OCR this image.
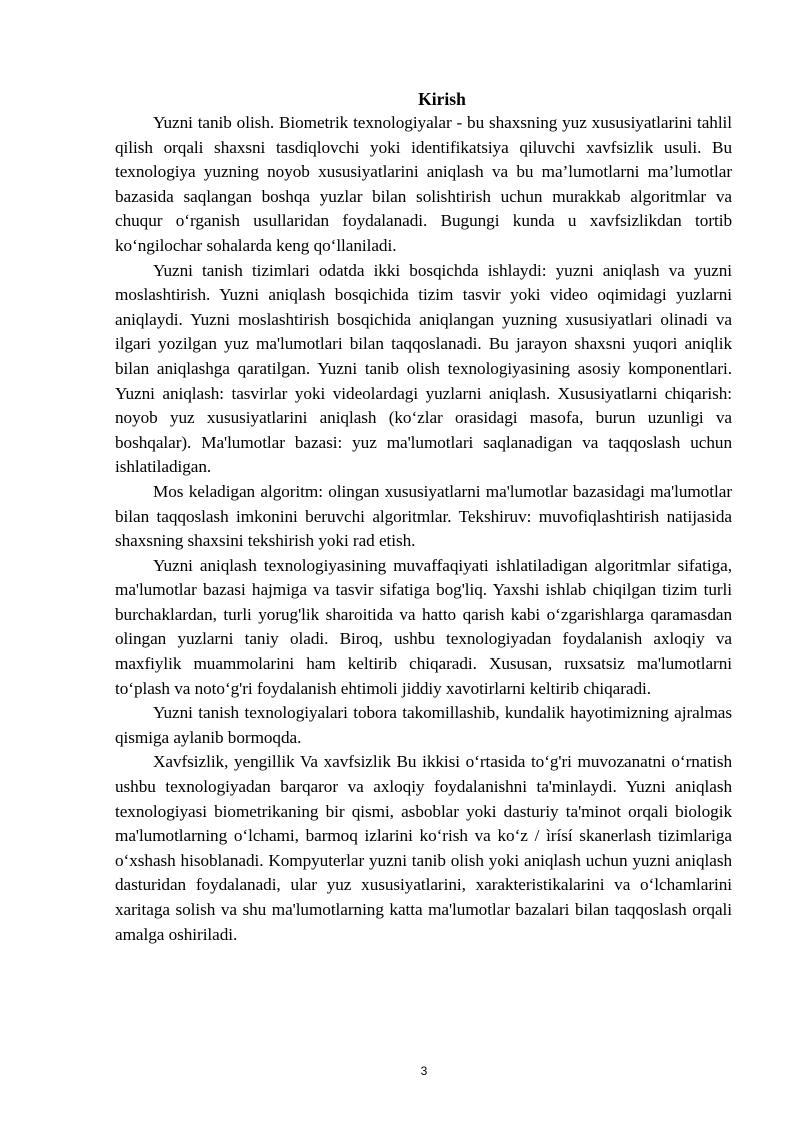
Kirish

Yuzni tanib olish. Biometrik texnologiyalar - bu shaxsning yuz xususiyatlarini tahlil qilish orqali shaxsni tasdiqlovchi yoki identifikatsiya qiluvchi xavfsizlik usuli. Bu texnologiya yuzning noyob xususiyatlarini aniqlash va bu ma’lumotlarni ma’lumotlar bazasida saqlangan boshqa yuzlar bilan solishtirish uchun murakkab algoritmlar va chuqur o‘rganish usullaridan foydalanadi. Bugungi kunda u xavfsizlikdan tortib ko‘ngilochar sohalarda keng qo‘llaniladi.

Yuzni tanish tizimlari odatda ikki bosqichda ishlaydi: yuzni aniqlash va yuzni moslashtirish. Yuzni aniqlash bosqichida tizim tasvir yoki video oqimidagi yuzlarni aniqlaydi. Yuzni moslashtirish bosqichida aniqlangan yuzning xususiyatlari olinadi va ilgari yozilgan yuz ma'lumotlari bilan taqqoslanadi. Bu jarayon shaxsni yuqori aniqlik bilan aniqlashga qaratilgan. Yuzni tanib olish texnologiyasining asosiy komponentlari. Yuzni aniqlash: tasvirlar yoki videolardagi yuzlarni aniqlash. Xususiyatlarni chiqarish: noyob yuz xususiyatlarini aniqlash (ko‘zlar orasidagi masofa, burun uzunligi va boshqalar). Ma'lumotlar bazasi: yuz ma'lumotlari saqlanadigan va taqqoslash uchun ishlatiladigan.

Mos keladigan algoritm: olingan xususiyatlarni ma'lumotlar bazasidagi ma'lumotlar bilan taqqoslash imkonini beruvchi algoritmlar. Tekshiruv: muvofiqlashtirish natijasida shaxsning shaxsini tekshirish yoki rad etish.

Yuzni aniqlash texnologiyasining muvaffaqiyati ishlatiladigan algoritmlar sifatiga, ma'lumotlar bazasi hajmiga va tasvir sifatiga bog'liq. Yaxshi ishlab chiqilgan tizim turli burchaklardan, turli yorug'lik sharoitida va hatto qarish kabi o‘zgarishlarga qaramasdan olingan yuzlarni taniy oladi. Biroq, ushbu texnologiyadan foydalanish axloqiy va maxfiylik muammolarini ham keltirib chiqaradi. Xususan, ruxsatsiz ma'lumotlarni to‘plash va noto‘g'ri foydalanish ehtimoli jiddiy xavotirlarni keltirib chiqaradi.

Yuzni tanish texnologiyalari tobora takomillashib, kundalik hayotimizning ajralmas qismiga aylanib bormoqda.

Xavfsizlik, yengillik Va xavfsizlik Bu ikkisi o‘rtasida to‘g'ri muvozanatni o‘rnatish ushbu texnologiyadan barqaror va axloqiy foydalanishni ta'minlaydi. Yuzni aniqlash texnologiyasi biometrikaning bir qismi, asboblar yoki dasturiy ta'minot orqali biologik ma'lumotlarning o‘lchami, barmoq izlarini ko‘rish va ko‘z / ìrísí skanerlash tizimlariga o‘xshash hisoblanadi. Kompyuterlar yuzni tanib olish yoki aniqlash uchun yuzni aniqlash dasturidan foydalanadi, ular yuz xususiyatlarini, xarakteristikalarini va o‘lchamlarini xaritaga solish va shu ma'lumotlarning katta ma'lumotlar bazalari bilan taqqoslash orqali amalga oshiriladi.

3
